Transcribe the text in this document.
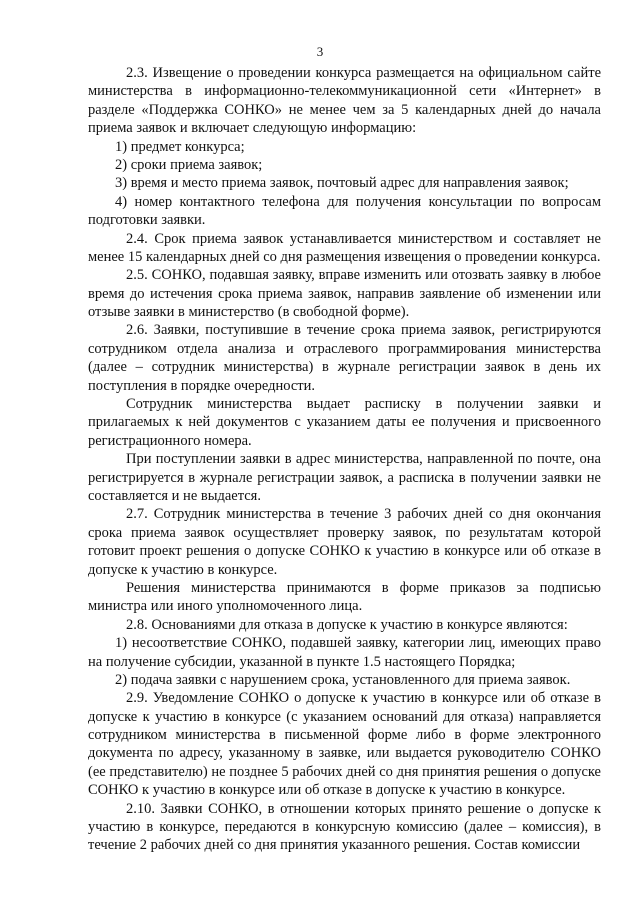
3

2.3. Извещение о проведении конкурса размещается на официальном сайте министерства в информационно-телекоммуникационной сети «Интернет» в разделе «Поддержка СОНКО» не менее чем за 5 календарных дней до начала приема заявок и включает следующую информацию:

1) предмет конкурса;

2) сроки приема заявок;

3) время и место приема заявок, почтовый адрес для направления заявок;

4) номер контактного телефона для получения консультации по вопросам подготовки заявки.

2.4. Срок приема заявок устанавливается министерством и составляет не менее 15 календарных дней со дня размещения извещения о проведении конкурса.

2.5. СОНКО, подавшая заявку, вправе изменить или отозвать заявку в любое время до истечения срока приема заявок, направив заявление об изменении или отзыве заявки в министерство (в свободной форме).

2.6. Заявки, поступившие в течение срока приема заявок, регистрируются сотрудником отдела анализа и отраслевого программирования министерства (далее – сотрудник министерства) в журнале регистрации заявок в день их поступления в порядке очередности.

Сотрудник министерства выдает расписку в получении заявки и прилагаемых к ней документов с указанием даты ее получения и присвоенного регистрационного номера.

При поступлении заявки в адрес министерства, направленной по почте, она регистрируется в журнале регистрации заявок, а расписка в получении заявки не составляется и не выдается.

2.7. Сотрудник министерства в течение 3 рабочих дней со дня окончания срока приема заявок осуществляет проверку заявок, по результатам которой готовит проект решения о допуске СОНКО к участию в конкурсе или об отказе в допуске к участию в конкурсе.

Решения министерства принимаются в форме приказов за подписью министра или иного уполномоченного лица.

2.8. Основаниями для отказа в допуске к участию в конкурсе являются:

1) несоответствие СОНКО, подавшей заявку, категории лиц, имеющих право на получение субсидии, указанной в пункте 1.5 настоящего Порядка;

2) подача заявки с нарушением срока, установленного для приема заявок.

2.9. Уведомление СОНКО о допуске к участию в конкурсе или об отказе в допуске к участию в конкурсе (с указанием оснований для отказа) направляется сотрудником министерства в письменной форме либо в форме электронного документа по адресу, указанному в заявке, или выдается руководителю СОНКО (ее представителю) не позднее 5 рабочих дней со дня принятия решения о допуске СОНКО к участию в конкурсе или об отказе в допуске к участию в конкурсе.

2.10. Заявки СОНКО, в отношении которых принято решение о допуске к участию в конкурсе, передаются в конкурсную комиссию (далее – комиссия), в течение 2 рабочих дней со дня принятия указанного решения. Состав комиссии
